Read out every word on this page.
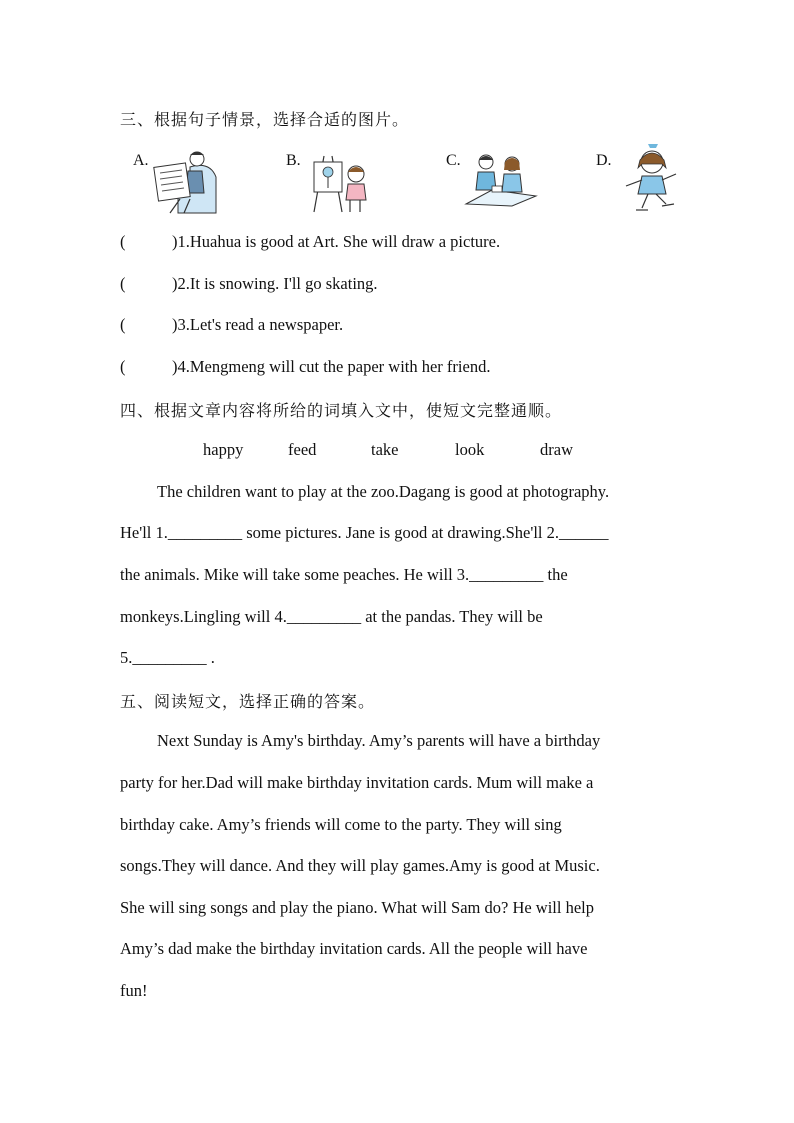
三、根据句子情景，选择合适的图片。
A.	B.	C.	D.
(	)1.Huahua is good at Art. She will draw a picture.
(	)2.It is snowing. I'll go skating.
(	)3.Let's read a newspaper.
(	)4.Mengmeng will cut the paper with her friend.
四、根据文章内容将所给的词填入文中，使短文完整通顺。
happy	feed	take	look	draw
The children want to play at the zoo.Dagang is good at photography.
He'll 1._________ some pictures. Jane is good at drawing.She'll 2.______
the animals. Mike will take some peaches. He will 3._________ the
monkeys.Lingling will 4._________ at the pandas. They will be
5._________ .
五、阅读短文，选择正确的答案。
Next Sunday is Amy's birthday. Amy’s parents will have a birthday
party for her.Dad will make birthday invitation cards. Mum will make a
birthday cake. Amy’s friends will come to the party. They will sing
songs.They will dance. And they will play games.Amy is good at Music.
She will sing songs and play the piano. What will Sam do? He will help
Amy’s dad make the birthday invitation cards. All the people will have
fun!
